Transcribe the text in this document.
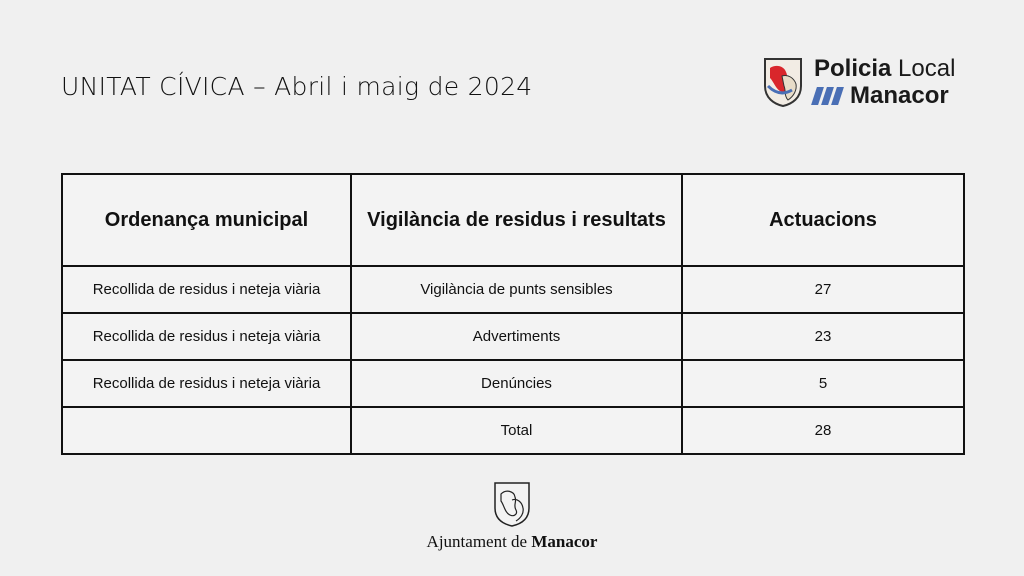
UNITAT CÍVICA – Abril i maig de 2024
Policia Local
Manacor
Ordenança municipal	Vigilància de residus i resultats	Actuacions
Recollida de residus i neteja viària	Vigilància de punts sensibles	27
Recollida de residus i neteja viària	Advertiments	23
Recollida de residus i neteja viària	Denúncies	5
	Total	28
Ajuntament de Manacor
